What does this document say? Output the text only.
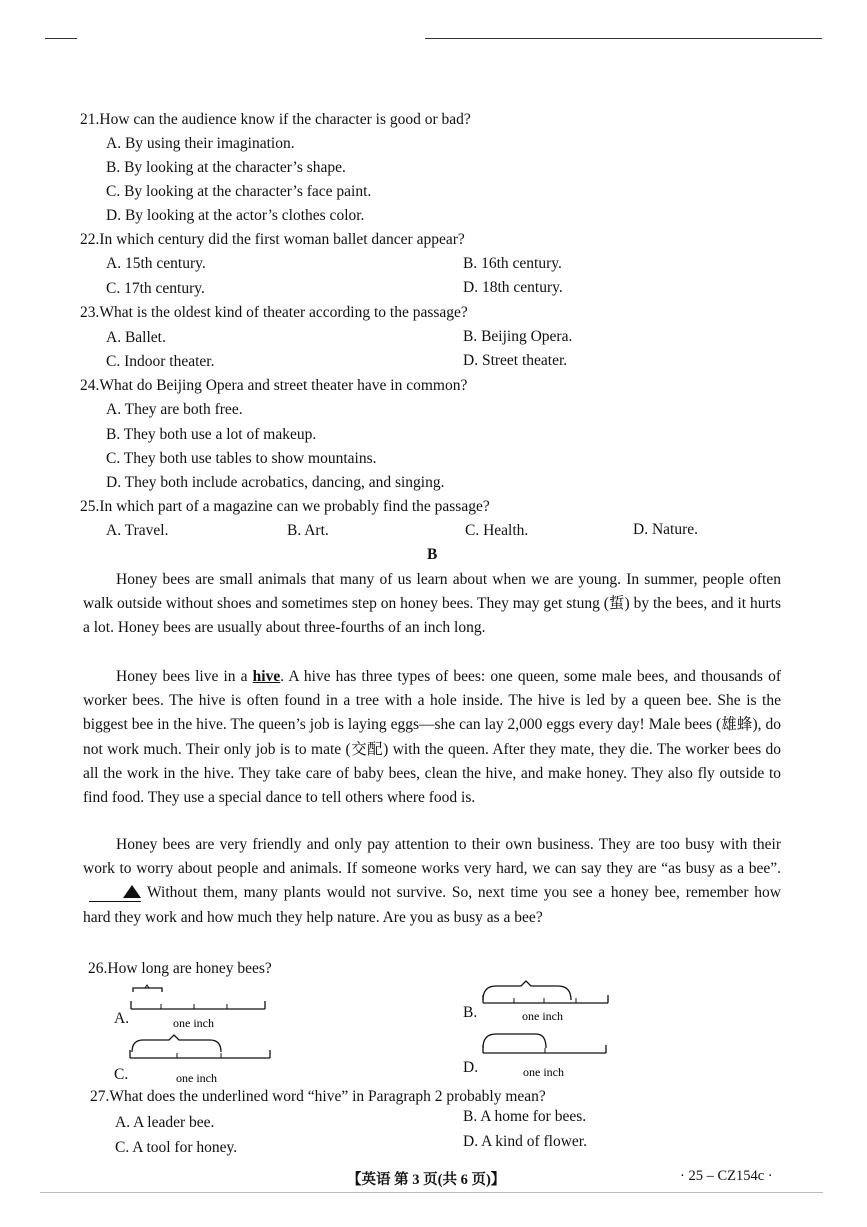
21.How can the audience know if the character is good or bad?
A. By using their imagination.
B. By looking at the character’s shape.
C. By looking at the character’s face paint.
D. By looking at the actor’s clothes color.
22.In which century did the first woman ballet dancer appear?
A. 15th century.	B. 16th century.
C. 17th century.	D. 18th century.
23.What is the oldest kind of theater according to the passage?
A. Ballet.	B. Beijing Opera.
C. Indoor theater.	D. Street theater.
24.What do Beijing Opera and street theater have in common?
A. They are both free.
B. They both use a lot of makeup.
C. They both use tables to show mountains.
D. They both include acrobatics, dancing, and singing.
25.In which part of a magazine can we probably find the passage?
A. Travel.	B. Art.	C. Health.	D. Nature.
B
Honey bees are small animals that many of us learn about when we are young. In summer, people often walk outside without shoes and sometimes step on honey bees. They may get stung (蜇) by the bees, and it hurts a lot. Honey bees are usually about three-fourths of an inch long.
Honey bees live in a hive. A hive has three types of bees: one queen, some male bees, and thousands of worker bees. The hive is often found in a tree with a hole inside. The hive is led by a queen bee. She is the biggest bee in the hive. The queen’s job is laying eggs—she can lay 2,000 eggs every day! Male bees (雄蜂), do not work much. Their only job is to mate (交配) with the queen. After they mate, they die. The worker bees do all the work in the hive. They take care of baby bees, clean the hive, and make honey. They also fly outside to find food. They use a special dance to tell others where food is.
Honey bees are very friendly and only pay attention to their own business. They are too busy with their work to worry about people and animals. If someone works very hard, we can say they are “as busy as a bee”.Without them, many plants would not survive. So, next time you see a honey bee, remember how hard they work and how much they help nature. Are you as busy as a bee?
26.How long are honey bees?
A.	B.
C.	D.
one inch	one inch
one inch	one inch
27.What does the underlined word “hive” in Paragraph 2 probably mean?
A. A leader bee.	B. A home for bees.
C. A tool for honey.	D. A kind of flower.
【英语 第 3 页(共 6 页)】	· 25 – CZ154c ·
